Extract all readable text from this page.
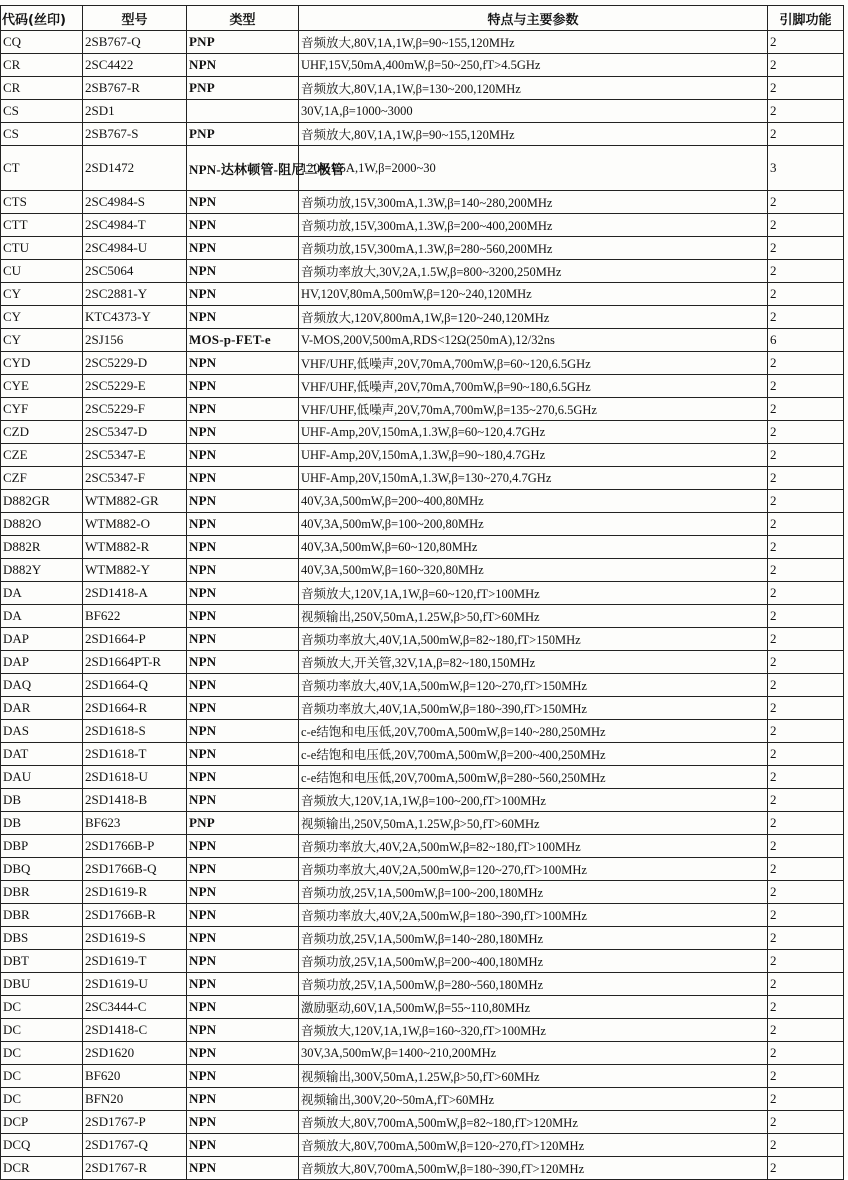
代码(丝印)	型号	类型	特点与主要参数	引脚功能
CQ	2SB767-Q	PNP	音频放大,80V,1A,1W,β=90~155,120MHz	2
CR	2SC4422	NPN	UHF,15V,50mA,400mW,β=50~250,fT>4.5GHz	2
CR	2SB767-R	PNP	音频放大,80V,1A,1W,β=130~200,120MHz	2
CS	2SD1		30V,1A,β=1000~3000	2
CS	2SB767-S	PNP	音频放大,80V,1A,1W,β=90~155,120MHz	2
CT	2SD1472	NPN-达林顿管-阻尼二极管	120V,1.5A,1W,β=2000~30	3
CTS	2SC4984-S	NPN	音频功放,15V,300mA,1.3W,β=140~280,200MHz	2
CTT	2SC4984-T	NPN	音频功放,15V,300mA,1.3W,β=200~400,200MHz	2
CTU	2SC4984-U	NPN	音频功放,15V,300mA,1.3W,β=280~560,200MHz	2
CU	2SC5064	NPN	音频功率放大,30V,2A,1.5W,β=800~3200,250MHz	2
CY	2SC2881-Y	NPN	HV,120V,80mA,500mW,β=120~240,120MHz	2
CY	KTC4373-Y	NPN	音频放大,120V,800mA,1W,β=120~240,120MHz	2
CY	2SJ156	MOS-p-FET-e	V-MOS,200V,500mA,RDS<12Ω(250mA),12/32ns	6
CYD	2SC5229-D	NPN	VHF/UHF,低噪声,20V,70mA,700mW,β=60~120,6.5GHz	2
CYE	2SC5229-E	NPN	VHF/UHF,低噪声,20V,70mA,700mW,β=90~180,6.5GHz	2
CYF	2SC5229-F	NPN	VHF/UHF,低噪声,20V,70mA,700mW,β=135~270,6.5GHz	2
CZD	2SC5347-D	NPN	UHF-Amp,20V,150mA,1.3W,β=60~120,4.7GHz	2
CZE	2SC5347-E	NPN	UHF-Amp,20V,150mA,1.3W,β=90~180,4.7GHz	2
CZF	2SC5347-F	NPN	UHF-Amp,20V,150mA,1.3W,β=130~270,4.7GHz	2
D882GR	WTM882-GR	NPN	40V,3A,500mW,β=200~400,80MHz	2
D882O	WTM882-O	NPN	40V,3A,500mW,β=100~200,80MHz	2
D882R	WTM882-R	NPN	40V,3A,500mW,β=60~120,80MHz	2
D882Y	WTM882-Y	NPN	40V,3A,500mW,β=160~320,80MHz	2
DA	2SD1418-A	NPN	音频放大,120V,1A,1W,β=60~120,fT>100MHz	2
DA	BF622	NPN	视频输出,250V,50mA,1.25W,β>50,fT>60MHz	2
DAP	2SD1664-P	NPN	音频功率放大,40V,1A,500mW,β=82~180,fT>150MHz	2
DAP	2SD1664PT-R	NPN	音频放大,开关管,32V,1A,β=82~180,150MHz	2
DAQ	2SD1664-Q	NPN	音频功率放大,40V,1A,500mW,β=120~270,fT>150MHz	2
DAR	2SD1664-R	NPN	音频功率放大,40V,1A,500mW,β=180~390,fT>150MHz	2
DAS	2SD1618-S	NPN	c-e结饱和电压低,20V,700mA,500mW,β=140~280,250MHz	2
DAT	2SD1618-T	NPN	c-e结饱和电压低,20V,700mA,500mW,β=200~400,250MHz	2
DAU	2SD1618-U	NPN	c-e结饱和电压低,20V,700mA,500mW,β=280~560,250MHz	2
DB	2SD1418-B	NPN	音频放大,120V,1A,1W,β=100~200,fT>100MHz	2
DB	BF623	PNP	视频输出,250V,50mA,1.25W,β>50,fT>60MHz	2
DBP	2SD1766B-P	NPN	音频功率放大,40V,2A,500mW,β=82~180,fT>100MHz	2
DBQ	2SD1766B-Q	NPN	音频功率放大,40V,2A,500mW,β=120~270,fT>100MHz	2
DBR	2SD1619-R	NPN	音频功放,25V,1A,500mW,β=100~200,180MHz	2
DBR	2SD1766B-R	NPN	音频功率放大,40V,2A,500mW,β=180~390,fT>100MHz	2
DBS	2SD1619-S	NPN	音频功放,25V,1A,500mW,β=140~280,180MHz	2
DBT	2SD1619-T	NPN	音频功放,25V,1A,500mW,β=200~400,180MHz	2
DBU	2SD1619-U	NPN	音频功放,25V,1A,500mW,β=280~560,180MHz	2
DC	2SC3444-C	NPN	激励驱动,60V,1A,500mW,β=55~110,80MHz	2
DC	2SD1418-C	NPN	音频放大,120V,1A,1W,β=160~320,fT>100MHz	2
DC	2SD1620	NPN	30V,3A,500mW,β=1400~210,200MHz	2
DC	BF620	NPN	视频输出,300V,50mA,1.25W,β>50,fT>60MHz	2
DC	BFN20	NPN	视频输出,300V,20~50mA,fT>60MHz	2
DCP	2SD1767-P	NPN	音频放大,80V,700mA,500mW,β=82~180,fT>120MHz	2
DCQ	2SD1767-Q	NPN	音频放大,80V,700mA,500mW,β=120~270,fT>120MHz	2
DCR	2SD1767-R	NPN	音频放大,80V,700mA,500mW,β=180~390,fT>120MHz	2
